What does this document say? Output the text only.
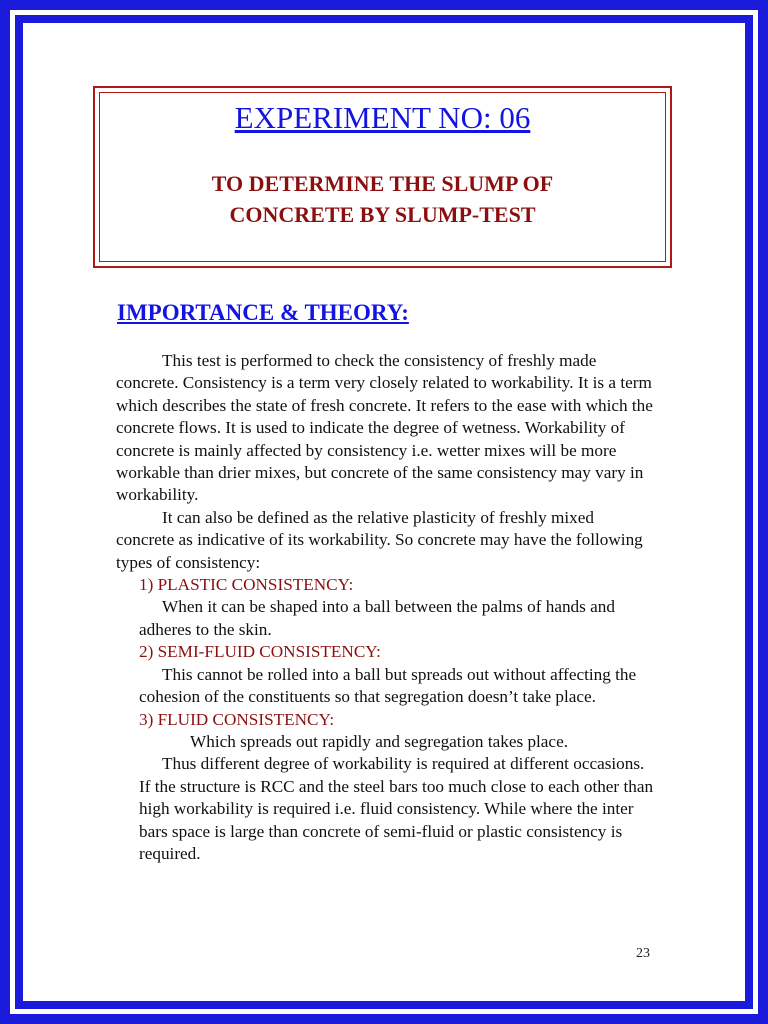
EXPERIMENT NO: 06
TO DETERMINE THE SLUMP OF
CONCRETE BY SLUMP-TEST
IMPORTANCE & THEORY:

This test is performed to check the consistency of freshly made concrete. Consistency is a term very closely related to workability. It is a term which describes the state of fresh concrete. It refers to the ease with which the concrete flows. It is used to indicate the degree of wetness. Workability of concrete is mainly affected by consistency i.e. wetter mixes will be more workable than drier mixes, but concrete of the same consistency may vary in workability.

It can also be defined as the relative plasticity of freshly mixed concrete as indicative of its workability. So concrete may have the following types of consistency:

1) PLASTIC CONSISTENCY:

When it can be shaped into a ball between the palms of hands and adheres to the skin.

2) SEMI-FLUID CONSISTENCY:

This cannot be rolled into a ball but spreads out without affecting the cohesion of the constituents so that segregation doesn’t take place.

3) FLUID CONSISTENCY:
Which spreads out rapidly and segregation takes place.

Thus different degree of workability is required at different occasions. If the structure is RCC and the steel bars too much close to each other than high workability is required i.e. fluid consistency. While where the inter bars space is large than concrete of semi-fluid or plastic consistency is required.

23
